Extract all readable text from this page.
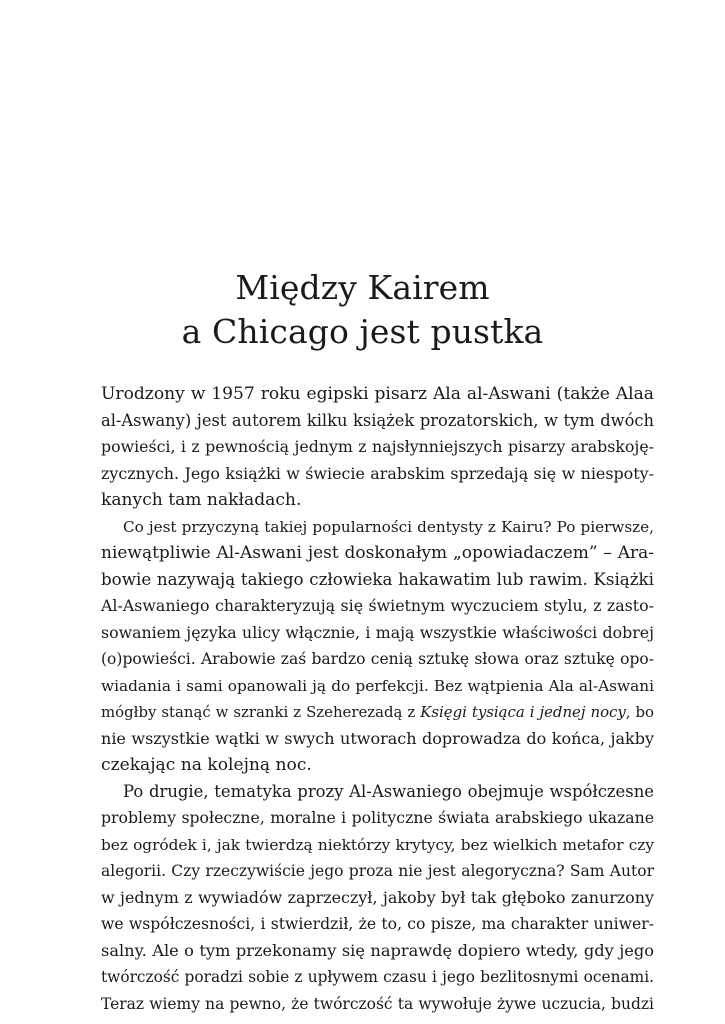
Między Kairem
a Chicago jest pustka
Urodzony w 1957 roku egipski pisarz Ala al-Aswani (także Alaa
al-Aswany) jest autorem kilku książek prozatorskich, w tym dwóch
powieści, i z pewnością jednym z najsłynniejszych pisarzy arabskoję-
zycznych. Jego książki w świecie arabskim sprzedają się w niespoty-
kanych tam nakładach.
Co jest przyczyną takiej popularności dentysty z Kairu? Po pierwsze,
niewątpliwie Al-Aswani jest doskonałym „opowiadaczem” – Ara-
bowie nazywają takiego człowieka hakawatim lub rawim. Książki
Al-Aswaniego charakteryzują się świetnym wyczuciem stylu, z zasto-
sowaniem języka ulicy włącznie, i mają wszystkie właściwości dobrej
(o)powieści. Arabowie zaś bardzo cenią sztukę słowa oraz sztukę opo-
wiadania i sami opanowali ją do perfekcji. Bez wątpienia Ala al-Aswani
mógłby stanąć w szranki z Szeherezadą z Księgi tysiąca i jednej nocy, bo
nie wszystkie wątki w swych utworach doprowadza do końca, jakby
czekając na kolejną noc.
Po drugie, tematyka prozy Al-Aswaniego obejmuje współczesne
problemy społeczne, moralne i polityczne świata arabskiego ukazane
bez ogródek i, jak twierdzą niektórzy krytycy, bez wielkich metafor czy
alegorii. Czy rzeczywiście jego proza nie jest alegoryczna? Sam Autor
w jednym z wywiadów zaprzeczył, jakoby był tak głęboko zanurzony
we współczesności, i stwierdził, że to, co pisze, ma charakter uniwer-
salny. Ale o tym przekonamy się naprawdę dopiero wtedy, gdy jego
twórczość poradzi sobie z upływem czasu i jego bezlitosnymi ocenami.
Teraz wiemy na pewno, że twórczość ta wywołuje żywe uczucia, budzi
